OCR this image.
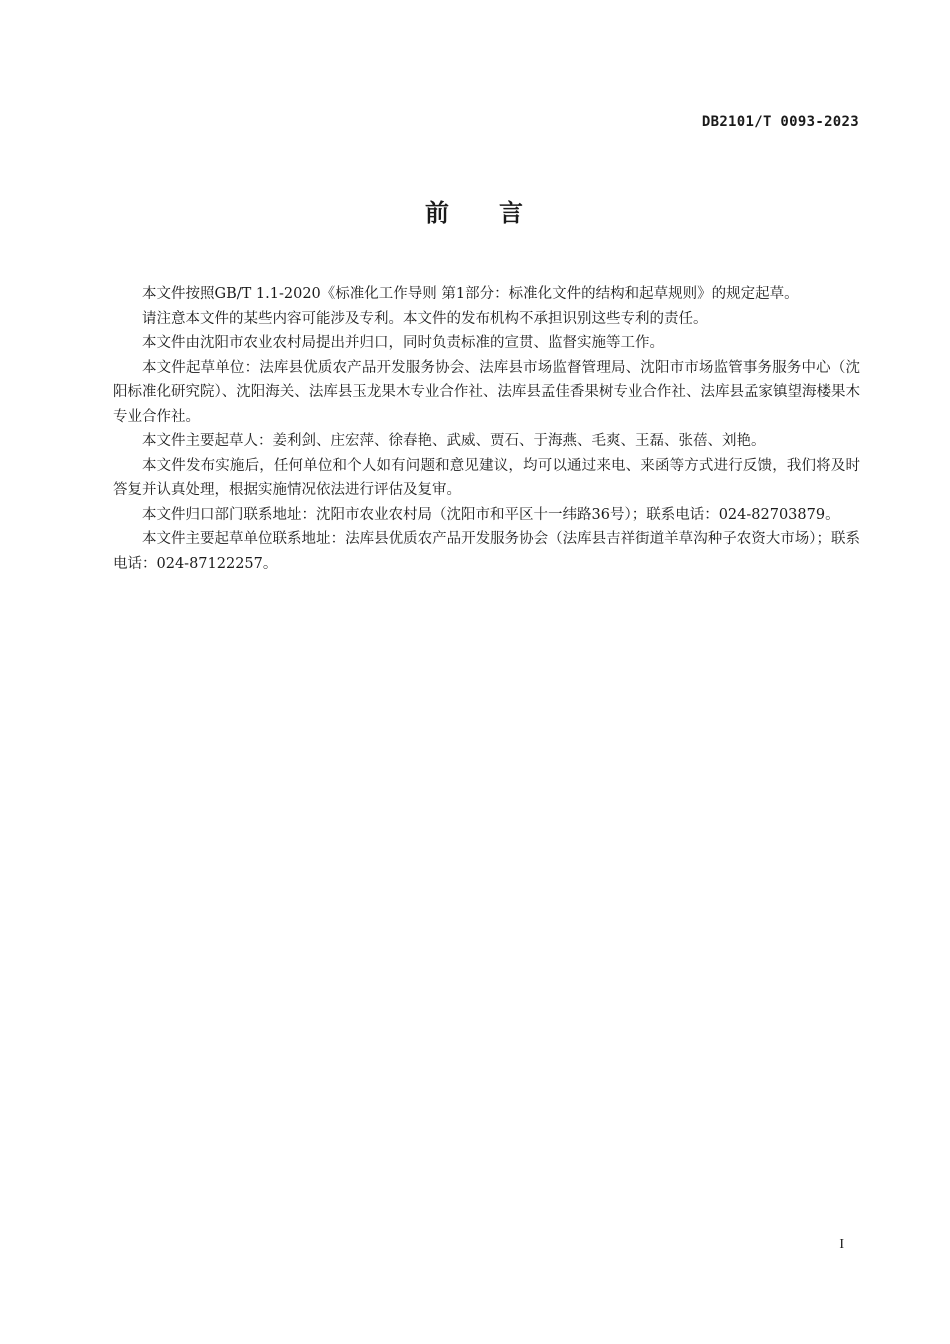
DB2101/T 0093-2023
前 言

本文件按照GB/T 1.1-2020《标准化工作导则 第1部分：标准化文件的结构和起草规则》的规定起草。

请注意本文件的某些内容可能涉及专利。本文件的发布机构不承担识别这些专利的责任。

本文件由沈阳市农业农村局提出并归口，同时负责标准的宣贯、监督实施等工作。

本文件起草单位：法库县优质农产品开发服务协会、法库县市场监督管理局、沈阳市市场监管事务服务中心（沈阳标准化研究院）、沈阳海关、法库县玉龙果木专业合作社、法库县孟佳香果树专业合作社、法库县孟家镇望海楼果木专业合作社。

本文件主要起草人：姜利剑、庄宏萍、徐春艳、武威、贾石、于海燕、毛爽、王磊、张蓓、刘艳。

本文件发布实施后，任何单位和个人如有问题和意见建议，均可以通过来电、来函等方式进行反馈，我们将及时答复并认真处理，根据实施情况依法进行评估及复审。

本文件归口部门联系地址：沈阳市农业农村局（沈阳市和平区十一纬路36号）；联系电话：024-82703879。

本文件主要起草单位联系地址：法库县优质农产品开发服务协会（法库县吉祥街道羊草沟种子农资大市场）；联系电话：024-87122257。

I
